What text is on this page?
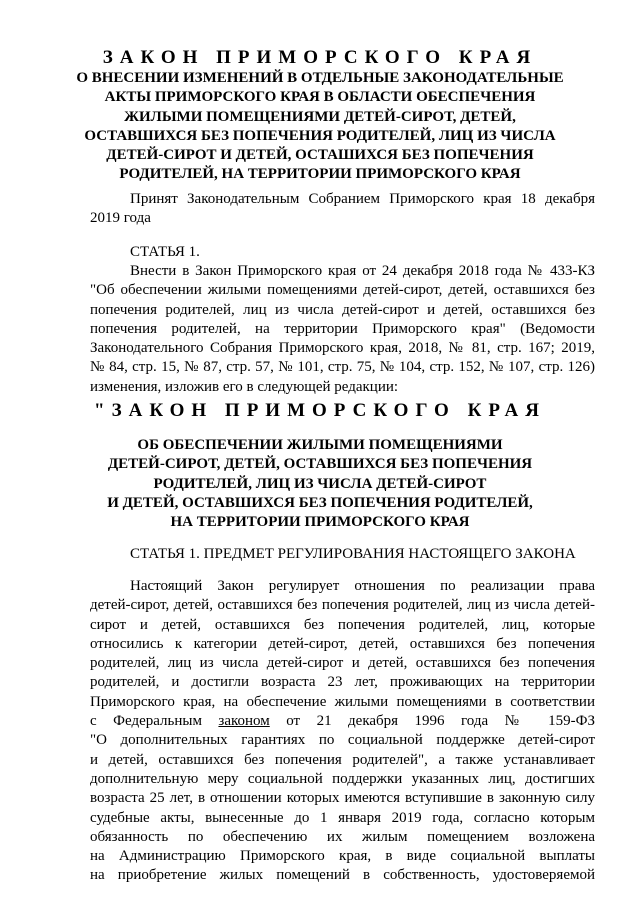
ЗАКОН ПРИМОРСКОГО КРАЯ
О ВНЕСЕНИИ ИЗМЕНЕНИЙ В ОТДЕЛЬНЫЕ ЗАКОНОДАТЕЛЬНЫЕ
АКТЫ ПРИМОРСКОГО КРАЯ В ОБЛАСТИ ОБЕСПЕЧЕНИЯ
ЖИЛЫМИ ПОМЕЩЕНИЯМИ ДЕТЕЙ-СИРОТ, ДЕТЕЙ,
ОСТАВШИХСЯ БЕЗ ПОПЕЧЕНИЯ РОДИТЕЛЕЙ, ЛИЦ ИЗ ЧИСЛА
ДЕТЕЙ-СИРОТ И ДЕТЕЙ, ОСТАШИХСЯ БЕЗ ПОПЕЧЕНИЯ
РОДИТЕЛЕЙ, НА ТЕРРИТОРИИ ПРИМОРСКОГО КРАЯ
Принят Законодательным Собранием Приморского края 18 декабря
2019 года
СТАТЬЯ 1.
Внести в Закон Приморского края от 24 декабря 2018 года № 433-КЗ
"Об обеспечении жилыми помещениями детей-сирот, детей, оставшихся без
попечения родителей, лиц из числа детей-сирот и детей, оставшихся без
попечения родителей, на территории Приморского края" (Ведомости
Законодательного Собрания Приморского края, 2018, № 81, стр. 167; 2019,
№ 84, стр. 15, № 87, стр. 57, № 101, стр. 75, № 104, стр. 152, № 107, стр. 126)
изменения, изложив его в следующей редакции:
"ЗАКОН ПРИМОРСКОГО КРАЯ
ОБ ОБЕСПЕЧЕНИИ ЖИЛЫМИ ПОМЕЩЕНИЯМИ
ДЕТЕЙ-СИРОТ, ДЕТЕЙ, ОСТАВШИХСЯ БЕЗ ПОПЕЧЕНИЯ
РОДИТЕЛЕЙ, ЛИЦ ИЗ ЧИСЛА ДЕТЕЙ-СИРОТ
И ДЕТЕЙ, ОСТАВШИХСЯ БЕЗ ПОПЕЧЕНИЯ РОДИТЕЛЕЙ,
НА ТЕРРИТОРИИ ПРИМОРСКОГО КРАЯ
СТАТЬЯ 1. ПРЕДМЕТ РЕГУЛИРОВАНИЯ НАСТОЯЩЕГО ЗАКОНА
Настоящий Закон регулирует отношения по реализации права
детей-сирот, детей, оставшихся без попечения родителей, лиц из числа детей-
сирот и детей, оставшихся без попечения родителей, лиц, которые
относились к категории детей-сирот, детей, оставшихся без попечения
родителей, лиц из числа детей-сирот и детей, оставшихся без попечения
родителей, и достигли возраста 23 лет, проживающих на территории
Приморского края, на обеспечение жилыми помещениями в соответствии
с Федеральным законом от 21 декабря 1996 года № 159-ФЗ
"О дополнительных гарантиях по социальной поддержке детей-сирот
и детей, оставшихся без попечения родителей", а также устанавливает
дополнительную меру социальной поддержки указанных лиц, достигших
возраста 25 лет, в отношении которых имеются вступившие в законную силу
судебные акты, вынесенные до 1 января 2019 года, согласно которым
обязанность по обеспечению их жилым помещением возложена
на Администрацию Приморского края, в виде социальной выплаты
на приобретение жилых помещений в собственность, удостоверяемой
